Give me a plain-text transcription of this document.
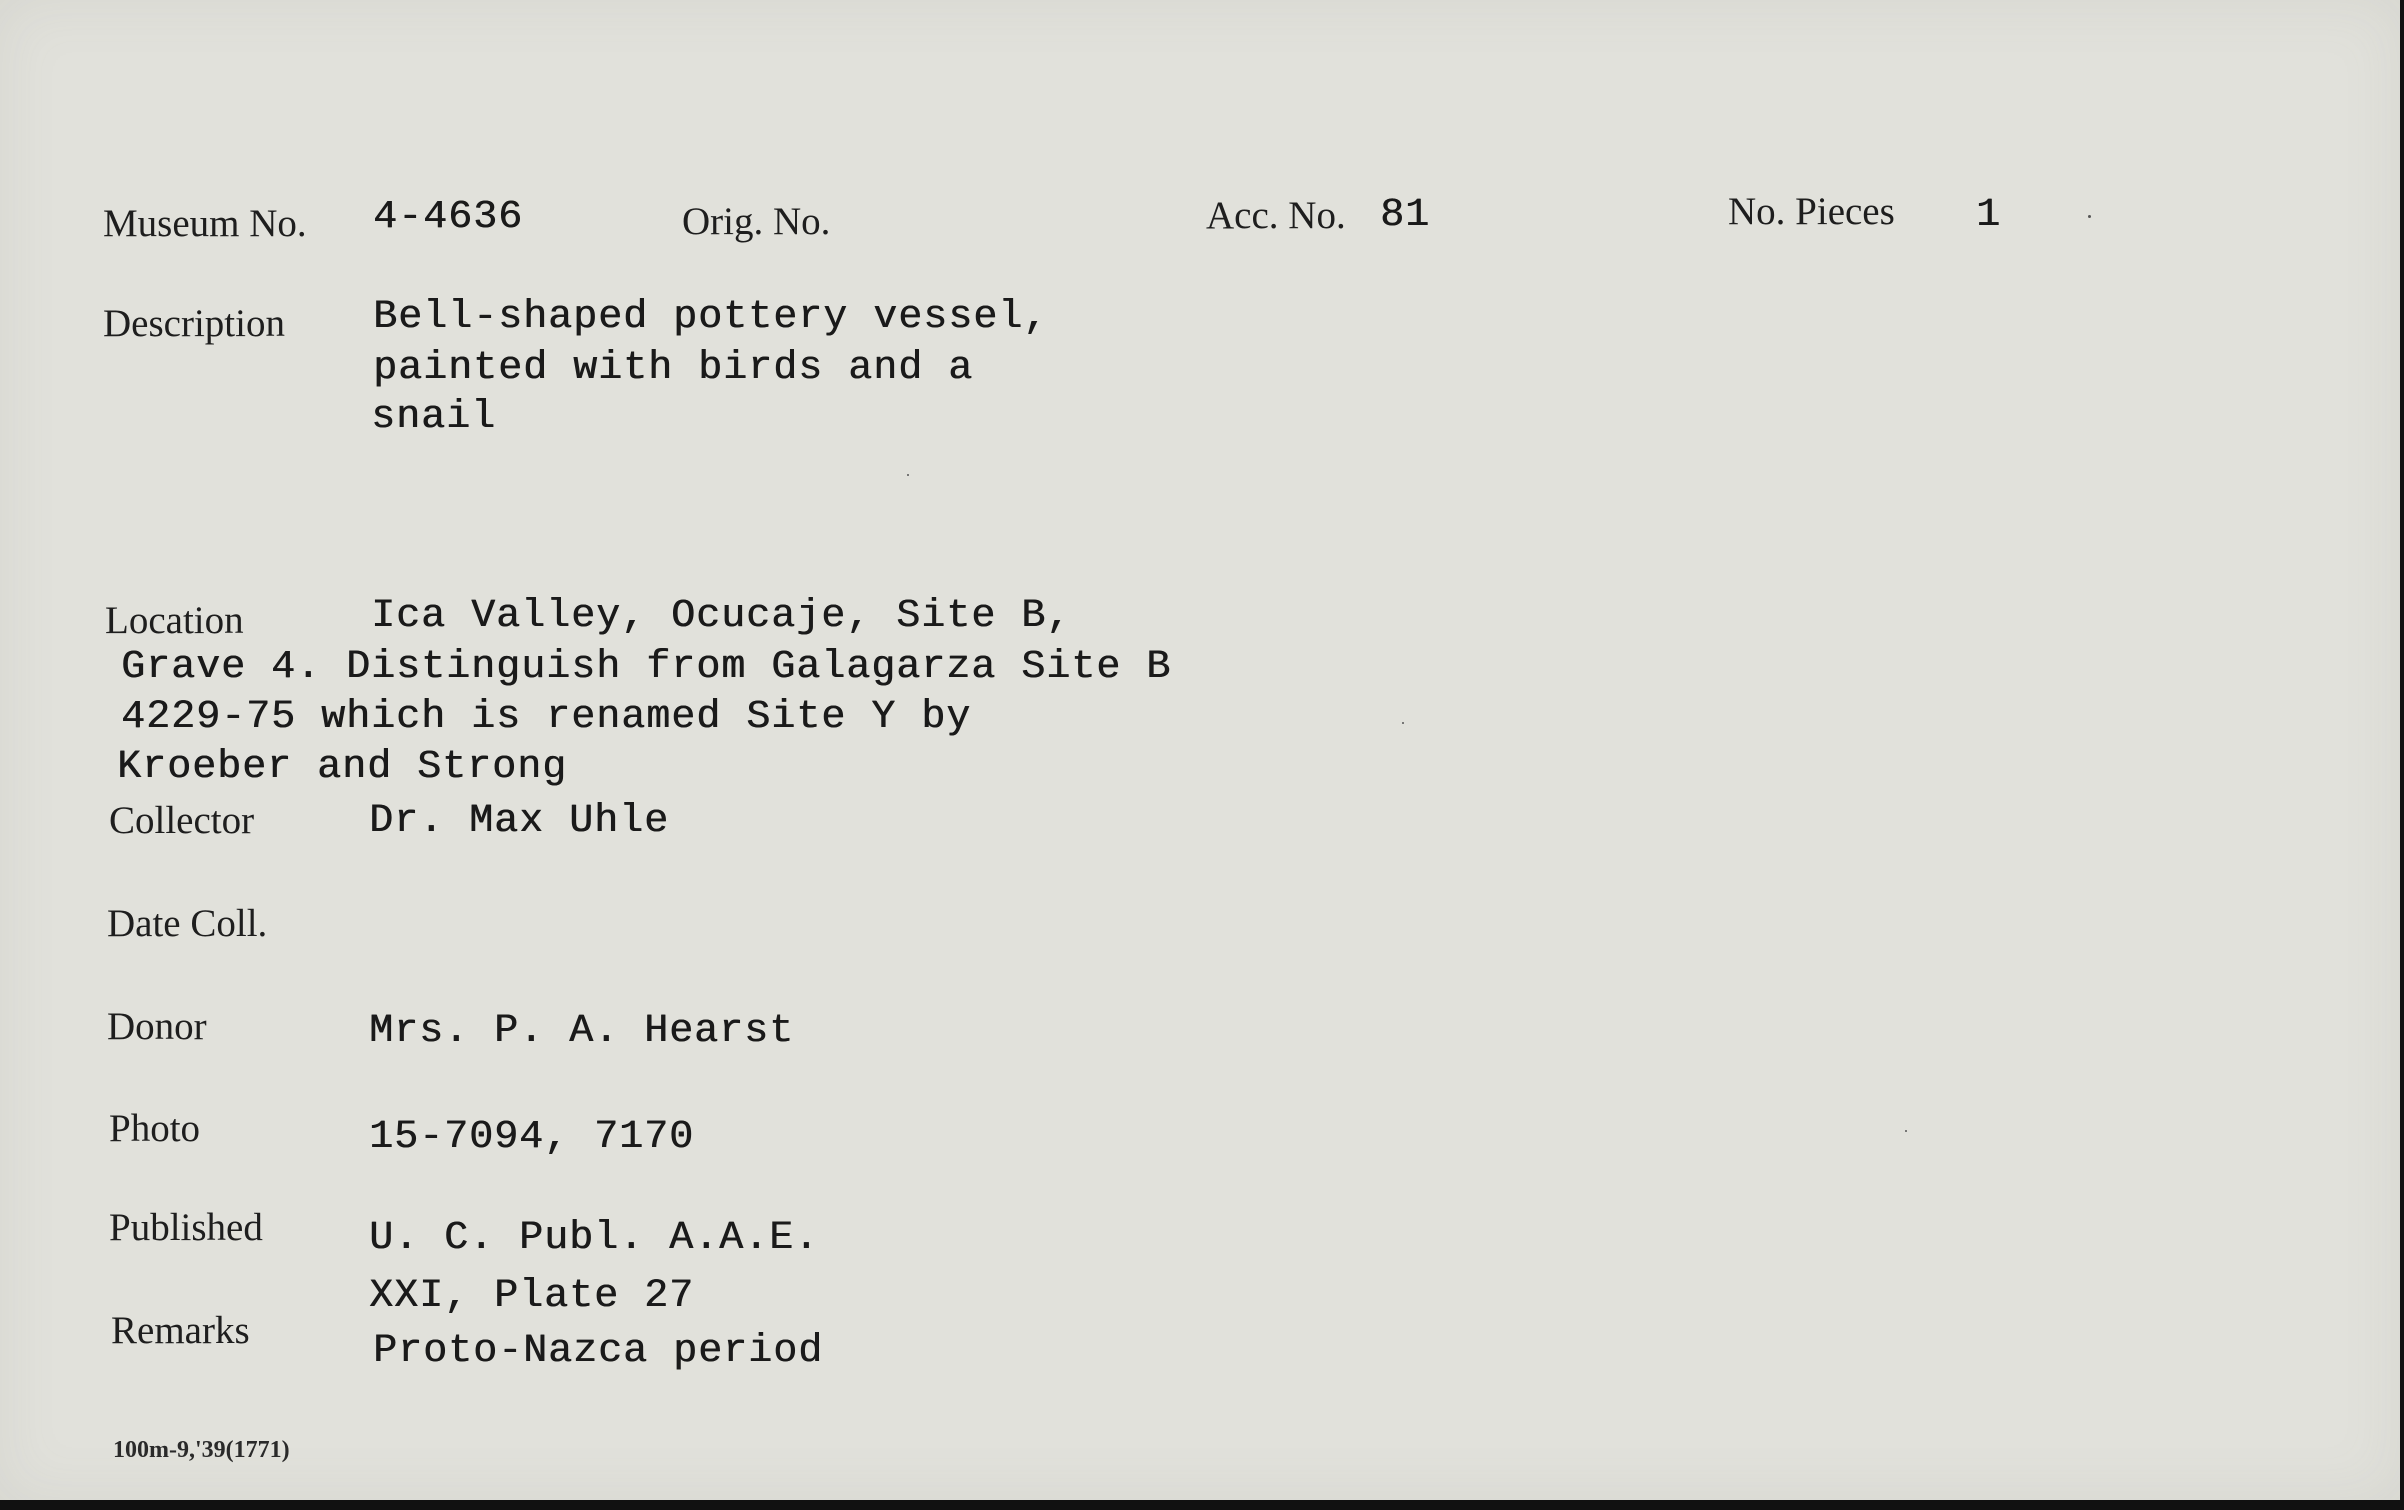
Museum No. 4-4636	Orig. No.	Acc. No. 81	No. Pieces 1
Description Bell-shaped pottery vessel,
painted with birds and a
snail
Location	Ica Valley, Ocucaje, Site B,
Grave 4. Distinguish from Galagarza Site B
4229-75 which is renamed Site Y by
Kroeber and Strong
Collector	Dr. Max Uhle
Date Coll.
Donor	Mrs. P. A. Hearst
Photo	15-7094, 7170
Published	U. C. Publ. A.A.E.
XXI, Plate 27
Remarks	Proto-Nazca period
100m-9,'39(1771)
